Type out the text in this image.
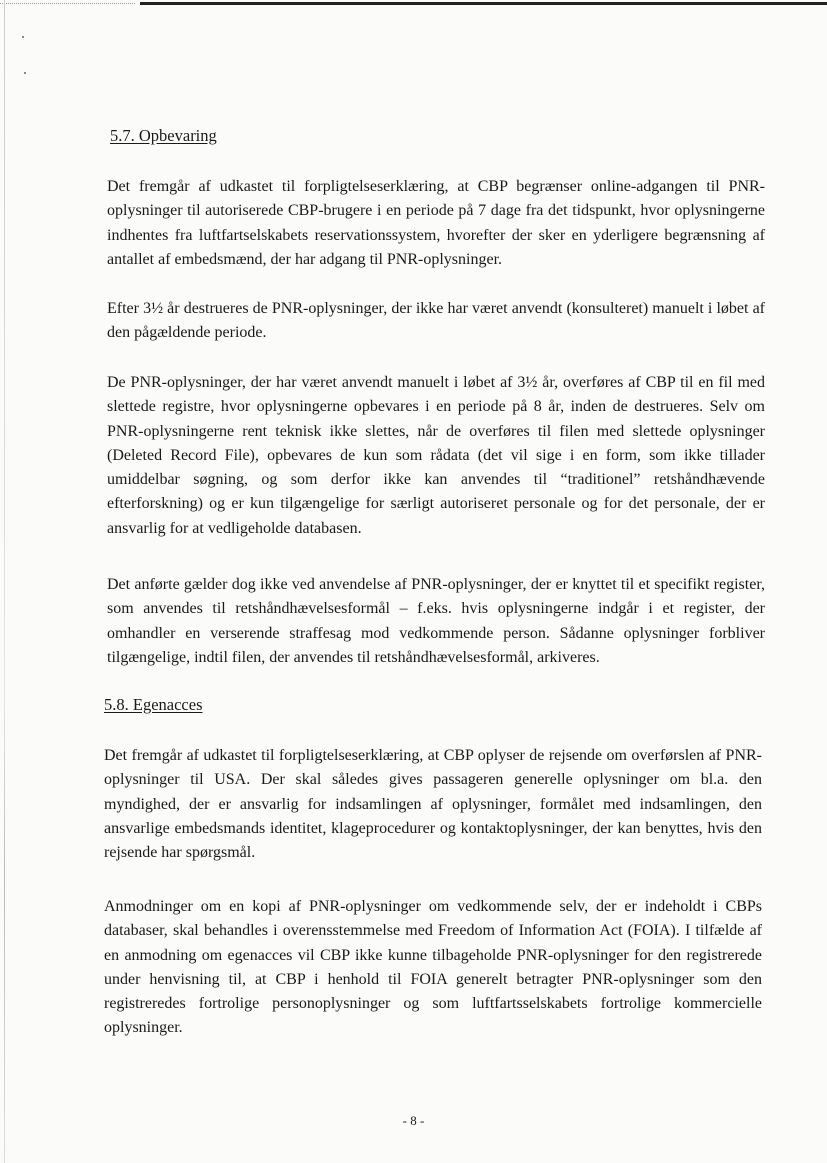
5.7. Opbevaring

Det fremgår af udkastet til forpligtelseserklæring, at CBP begrænser online-adgangen til PNR-oplysninger til autoriserede CBP-brugere i en periode på 7 dage fra det tidspunkt, hvor oplysningerne indhentes fra luftfartselskabets reservationssystem, hvorefter der sker en yderligere begrænsning af antallet af embedsmænd, der har adgang til PNR-oplysninger.

Efter 3½ år destrueres de PNR-oplysninger, der ikke har været anvendt (konsulteret) manuelt i løbet af den pågældende periode.

De PNR-oplysninger, der har været anvendt manuelt i løbet af 3½ år, overføres af CBP til en fil med slettede registre, hvor oplysningerne opbevares i en periode på 8 år, inden de destrueres. Selv om PNR-oplysningerne rent teknisk ikke slettes, når de overføres til filen med slettede oplysninger (Deleted Record File), opbevares de kun som rådata (det vil sige i en form, som ikke tillader umiddelbar søgning, og som derfor ikke kan anvendes til “traditionel” retshåndhævende efterforskning) og er kun tilgængelige for særligt autoriseret personale og for det personale, der er ansvarlig for at vedligeholde databasen.

Det anførte gælder dog ikke ved anvendelse af PNR-oplysninger, der er knyttet til et specifikt register, som anvendes til retshåndhævelsesformål – f.eks. hvis oplysningerne indgår i et register, der omhandler en verserende straffesag mod vedkommende person. Sådanne oplysninger forbliver tilgængelige, indtil filen, der anvendes til retshåndhævelsesformål, arkiveres.

5.8. Egenacces

Det fremgår af udkastet til forpligtelseserklæring, at CBP oplyser de rejsende om overførslen af PNR-oplysninger til USA. Der skal således gives passageren generelle oplysninger om bl.a. den myndighed, der er ansvarlig for indsamlingen af oplysninger, formålet med indsamlingen, den ansvarlige embedsmands identitet, klageprocedurer og kontaktoplysninger, der kan benyttes, hvis den rejsende har spørgsmål.

Anmodninger om en kopi af PNR-oplysninger om vedkommende selv, der er indeholdt i CBPs databaser, skal behandles i overensstemmelse med Freedom of Information Act (FOIA). I tilfælde af en anmodning om egenacces vil CBP ikke kunne tilbageholde PNR-oplysninger for den registrerede under henvisning til, at CBP i henhold til FOIA generelt betragter PNR-oplysninger som den registreredes fortrolige personoplysninger og som luftfartsselskabets fortrolige kommercielle oplysninger.

- 8 -
